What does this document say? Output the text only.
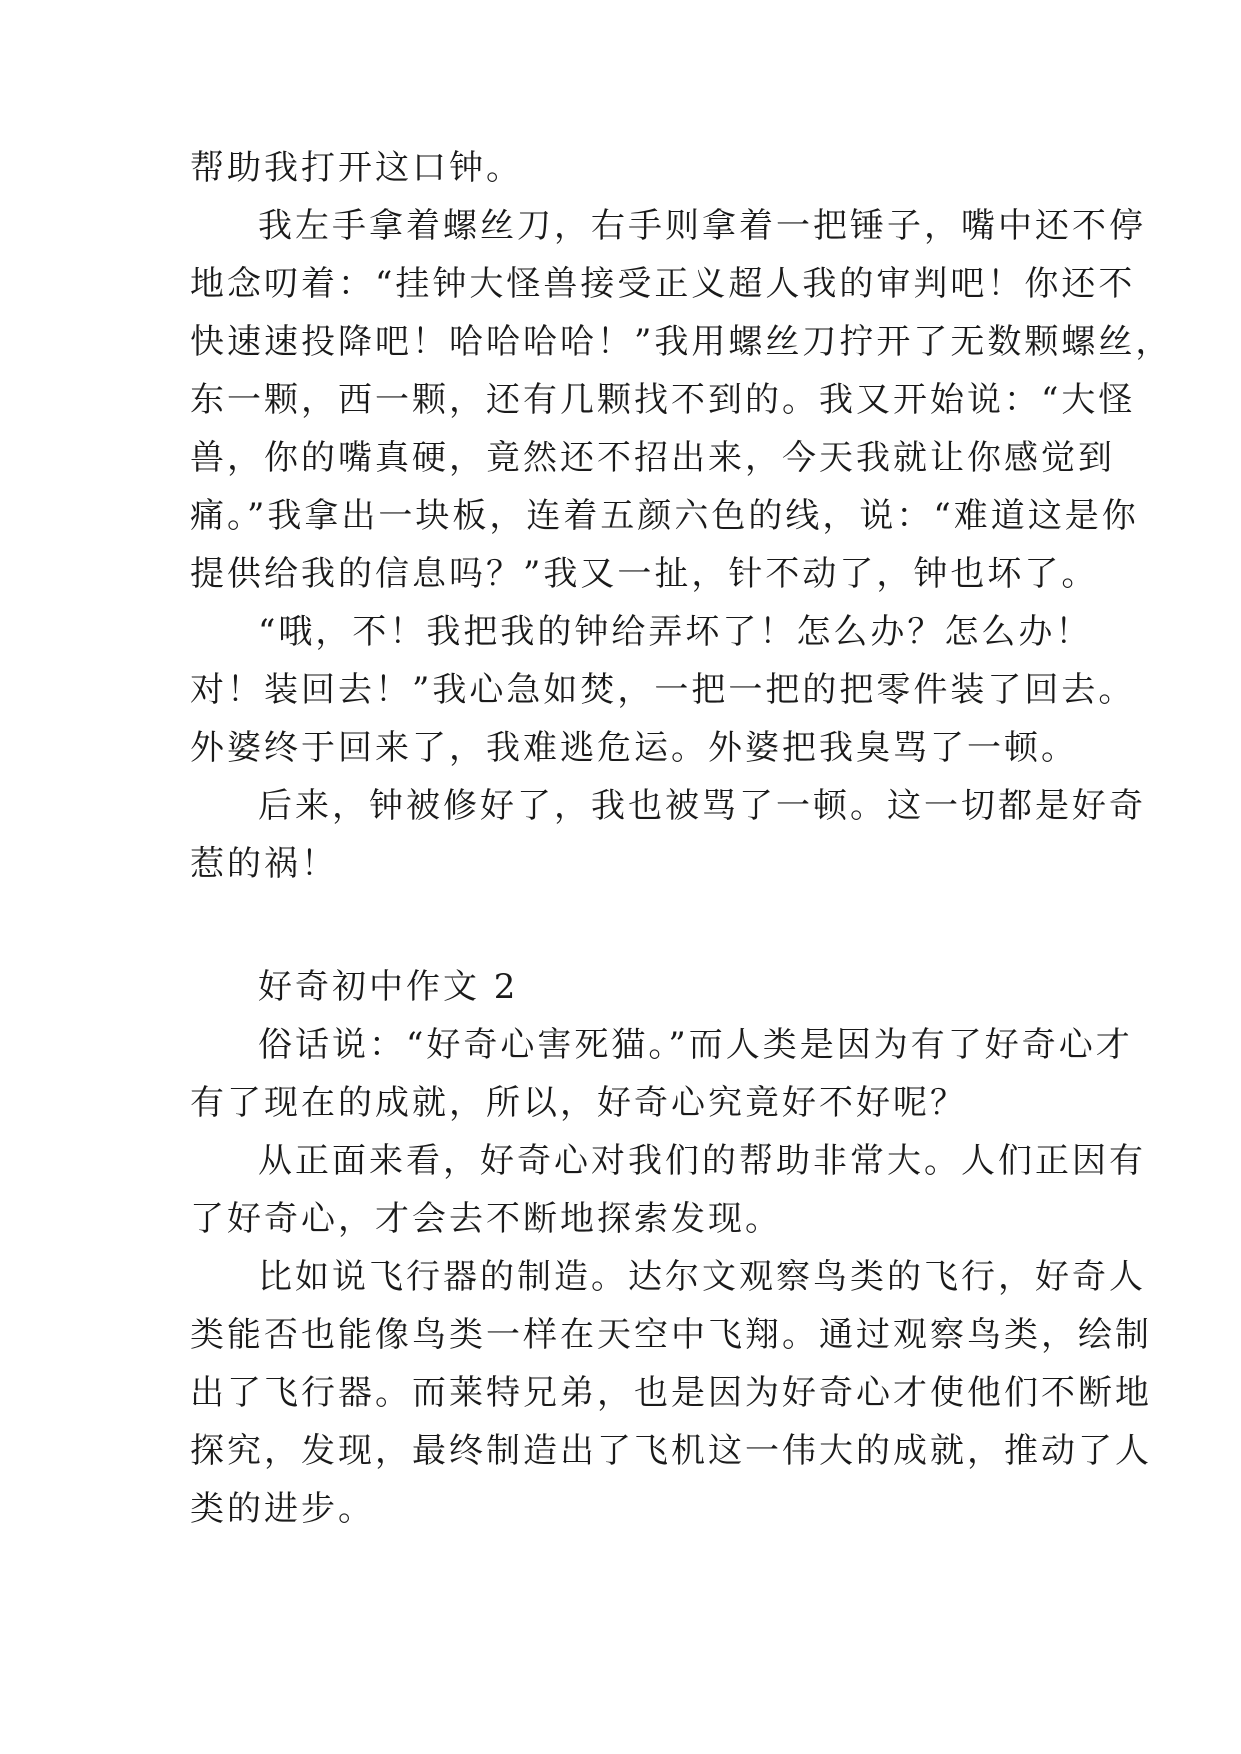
帮助我打开这口钟。
我左手拿着螺丝刀，右手则拿着一把锤子，嘴中还不停
地念叨着：“挂钟大怪兽接受正义超人我的审判吧！你还不
快速速投降吧！哈哈哈哈！”我用螺丝刀拧开了无数颗螺丝，
东一颗，西一颗，还有几颗找不到的。我又开始说：“大怪
兽，你的嘴真硬，竟然还不招出来，今天我就让你感觉到
痛。”我拿出一块板，连着五颜六色的线，说：“难道这是你
提供给我的信息吗？”我又一扯，针不动了，钟也坏了。
“哦，不！我把我的钟给弄坏了！怎么办？怎么办！
对！装回去！”我心急如焚，一把一把的把零件装了回去。
外婆终于回来了，我难逃危运。外婆把我臭骂了一顿。
后来，钟被修好了，我也被骂了一顿。这一切都是好奇
惹的祸！
好奇初中作文 2
俗话说：“好奇心害死猫。”而人类是因为有了好奇心才
有了现在的成就，所以，好奇心究竟好不好呢？
从正面来看，好奇心对我们的帮助非常大。人们正因有
了好奇心，才会去不断地探索发现。
比如说飞行器的制造。达尔文观察鸟类的飞行，好奇人
类能否也能像鸟类一样在天空中飞翔。通过观察鸟类，绘制
出了飞行器。而莱特兄弟，也是因为好奇心才使他们不断地
探究，发现，最终制造出了飞机这一伟大的成就，推动了人
类的进步。
